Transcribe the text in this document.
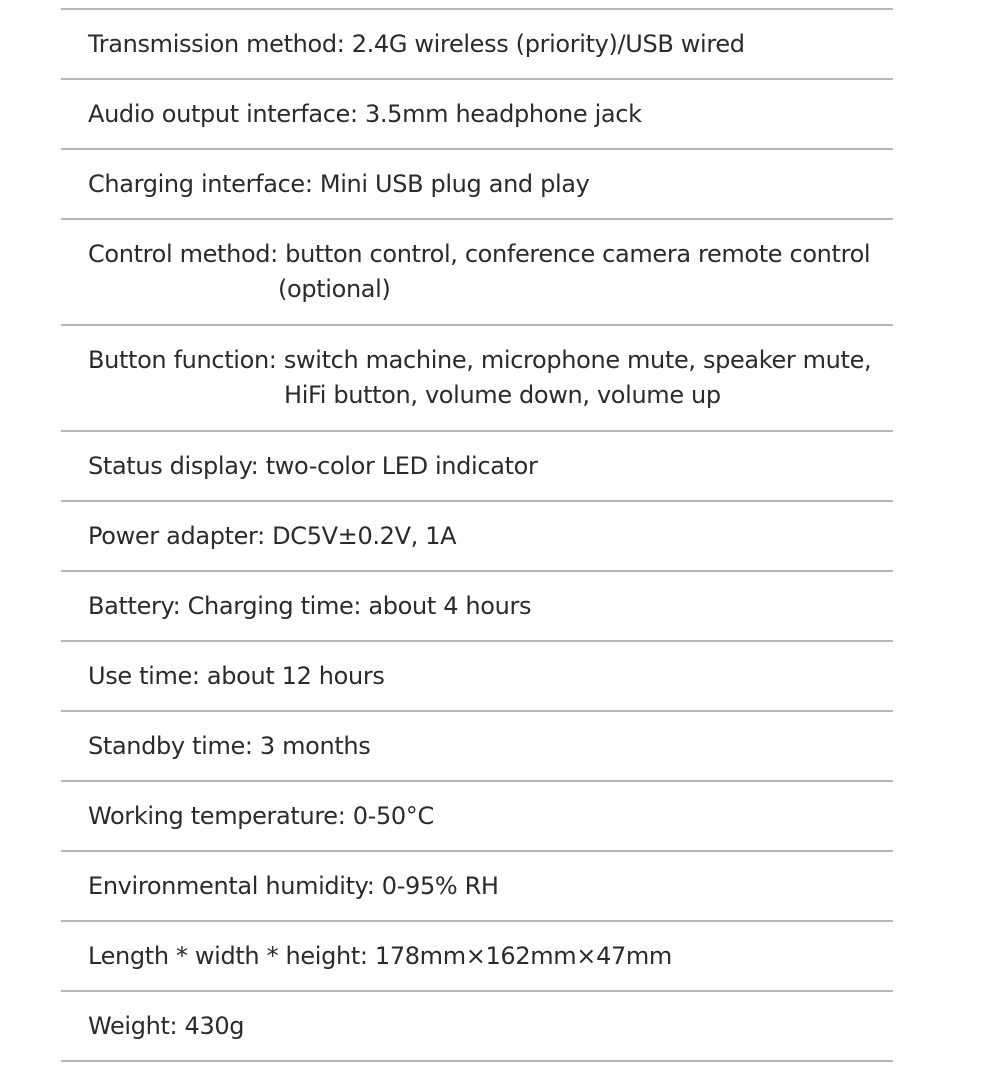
Transmission method: 2.4G wireless (priority)/USB wired
Audio output interface: 3.5mm headphone jack
Charging interface: Mini USB plug and play
Control method: button control, conference camera remote control
(optional)
Button function: switch machine, microphone mute, speaker mute,
HiFi button, volume down, volume up
Status display: two-color LED indicator
Power adapter: DC5V±0.2V, 1A
Battery: Charging time: about 4 hours
Use time: about 12 hours
Standby time: 3 months
Working temperature: 0-50°C
Environmental humidity: 0-95% RH
Length * width * height: 178mm×162mm×47mm
Weight: 430g
